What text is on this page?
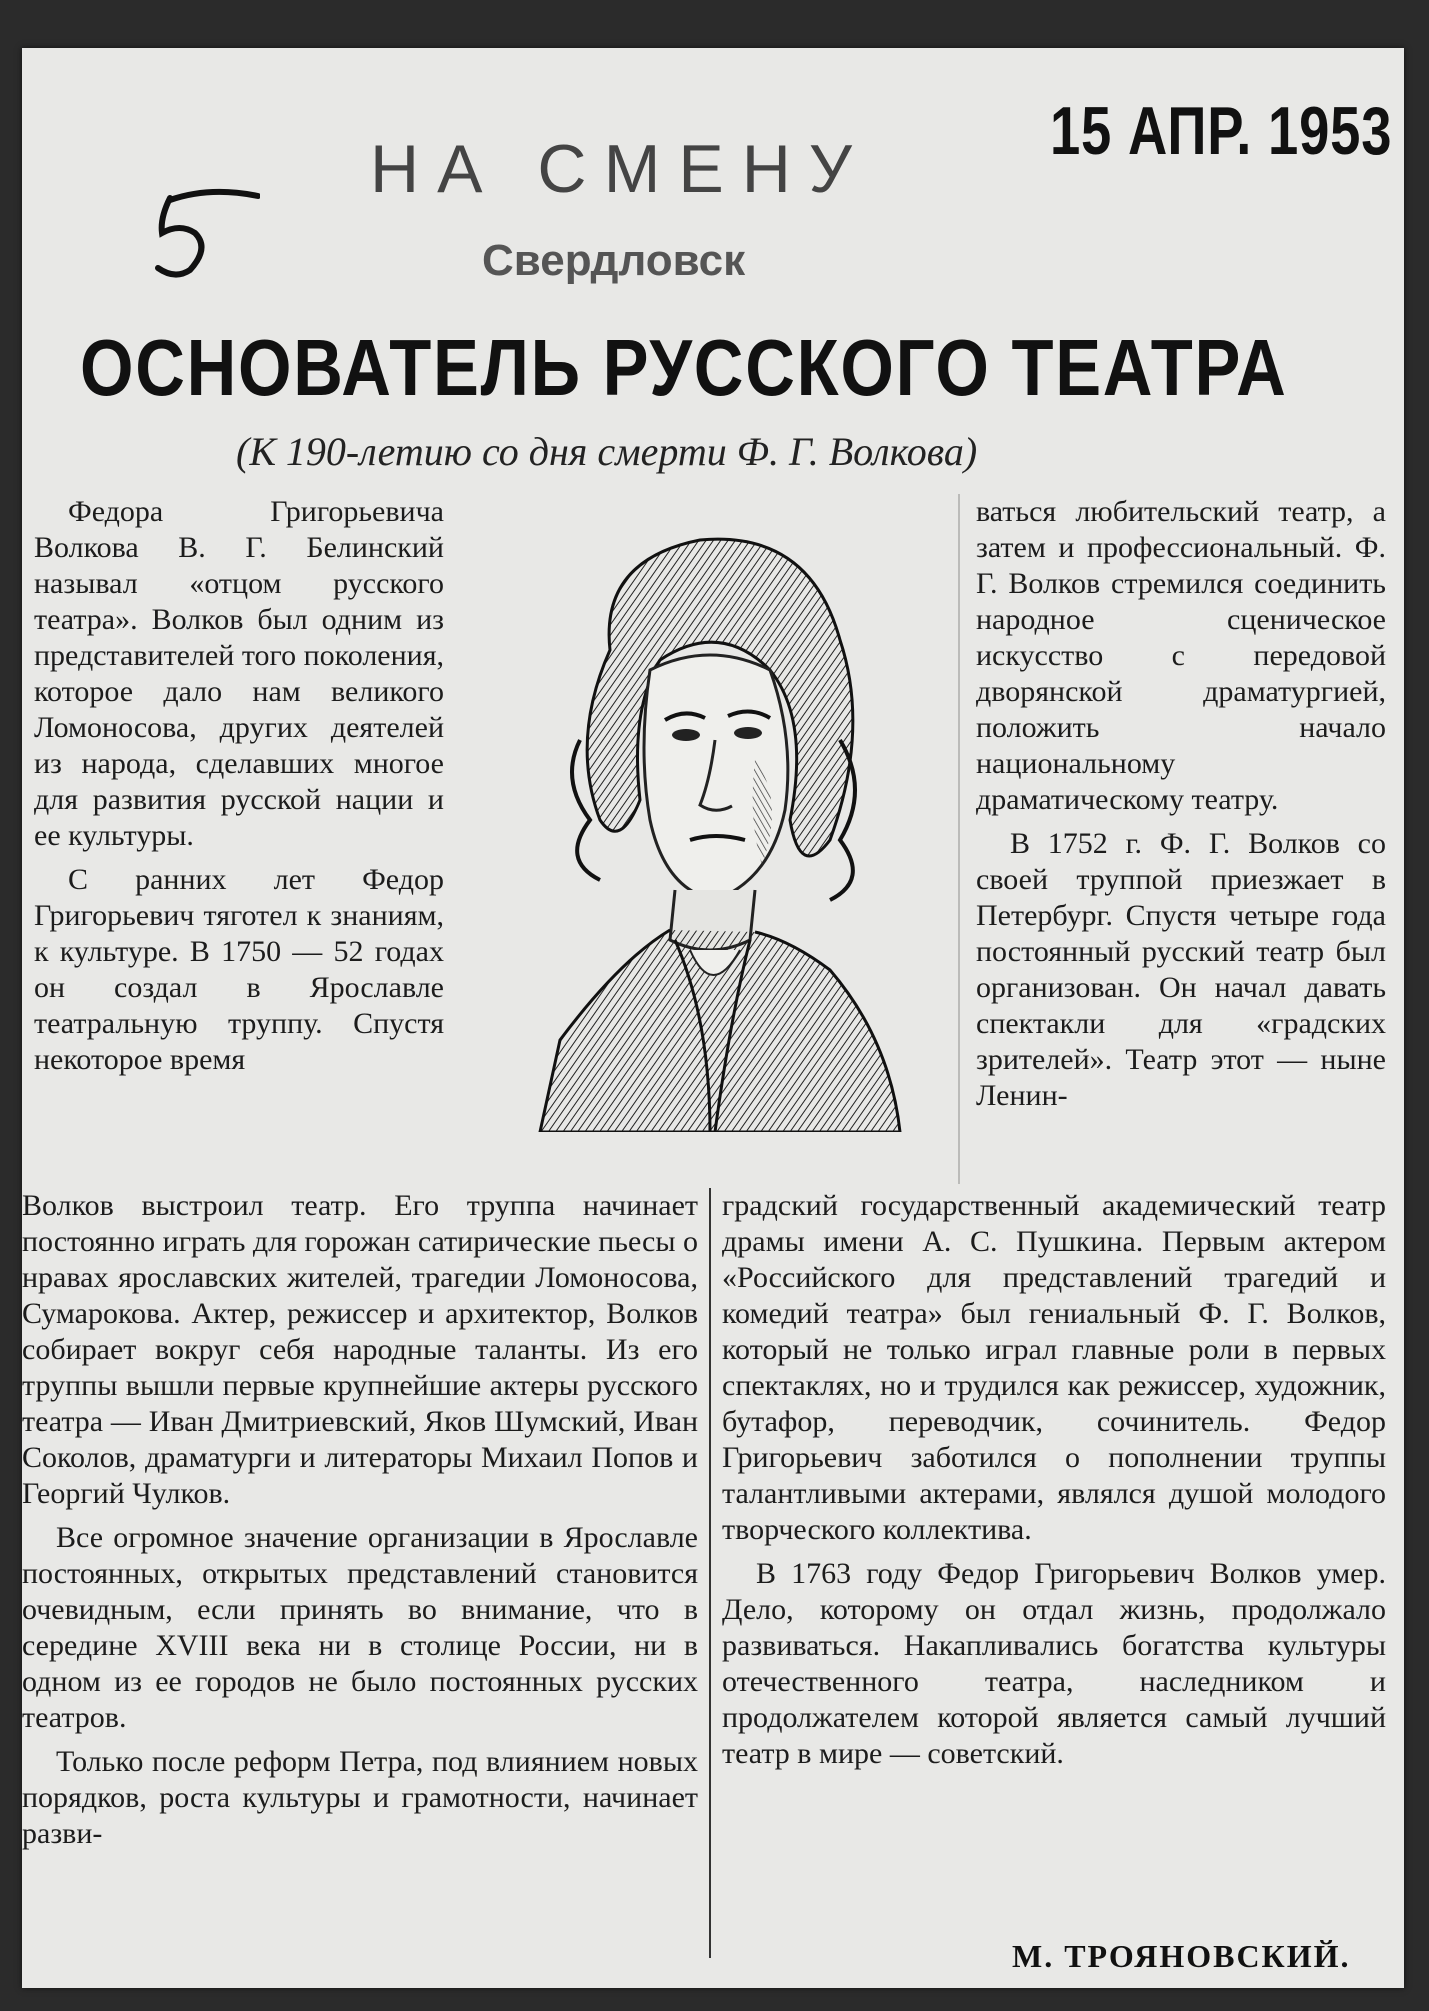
15 АПР. 1953
НА СМЕНУ
Свердловск
ОСНОВАТЕЛЬ РУССКОГО ТЕАТРА
(К 190-летию со дня смерти Ф. Г. Волкова)

Федора Григорьевича Волкова В. Г. Белинский называл «отцом русского театра». Волков был одним из представителей того поколения, которое дало нам великого Ломоносова, других деятелей из народа, сделавших многое для развития русской нации и ее культуры.

С ранних лет Федор Григорьевич тяготел к знаниям, к культуре. В 1750 — 52 годах он создал в Ярославле театральную труппу. Спустя некоторое время

ваться любительский театр, а затем и профессиональный. Ф. Г. Волков стремился соединить народное сценическое искусство с передовой дворянской драматургией, положить начало национальному драматическому театру.

В 1752 г. Ф. Г. Волков со своей труппой приезжает в Петербург. Спустя четыре года постоянный русский театр был организован. Он начал давать спектакли для «градских зрителей». Театр этот — ныне Ленин-

Волков выстроил театр. Его труппа начинает постоянно играть для горожан сатирические пьесы о нравах ярославских жителей, трагедии Ломоносова, Сумарокова. Актер, режиссер и архитектор, Волков собирает вокруг себя народные таланты. Из его труппы вышли первые крупнейшие актеры русского театра — Иван Дмитриевский, Яков Шумский, Иван Соколов, драматурги и литераторы Михаил Попов и Георгий Чулков.

Все огромное значение организации в Ярославле постоянных, открытых представлений становится очевидным, если принять во внимание, что в середине XVIII века ни в столице России, ни в одном из ее городов не было постоянных русских театров.

Только после реформ Петра, под влиянием новых порядков, роста культуры и грамотности, начинает разви-

градский государственный академический театр драмы имени А. С. Пушкина. Первым актером «Российского для представлений трагедий и комедий театра» был гениальный Ф. Г. Волков, который не только играл главные роли в первых спектаклях, но и трудился как режиссер, художник, бутафор, переводчик, сочинитель. Федор Григорьевич заботился о пополнении труппы талантливыми актерами, являлся душой молодого творческого коллектива.

В 1763 году Федор Григорьевич Волков умер. Дело, которому он отдал жизнь, продолжало развиваться. Накапливались богатства культуры отечественного театра, наследником и продолжателем которой является самый лучший театр в мире — советский.

М. ТРОЯНОВСКИЙ.
